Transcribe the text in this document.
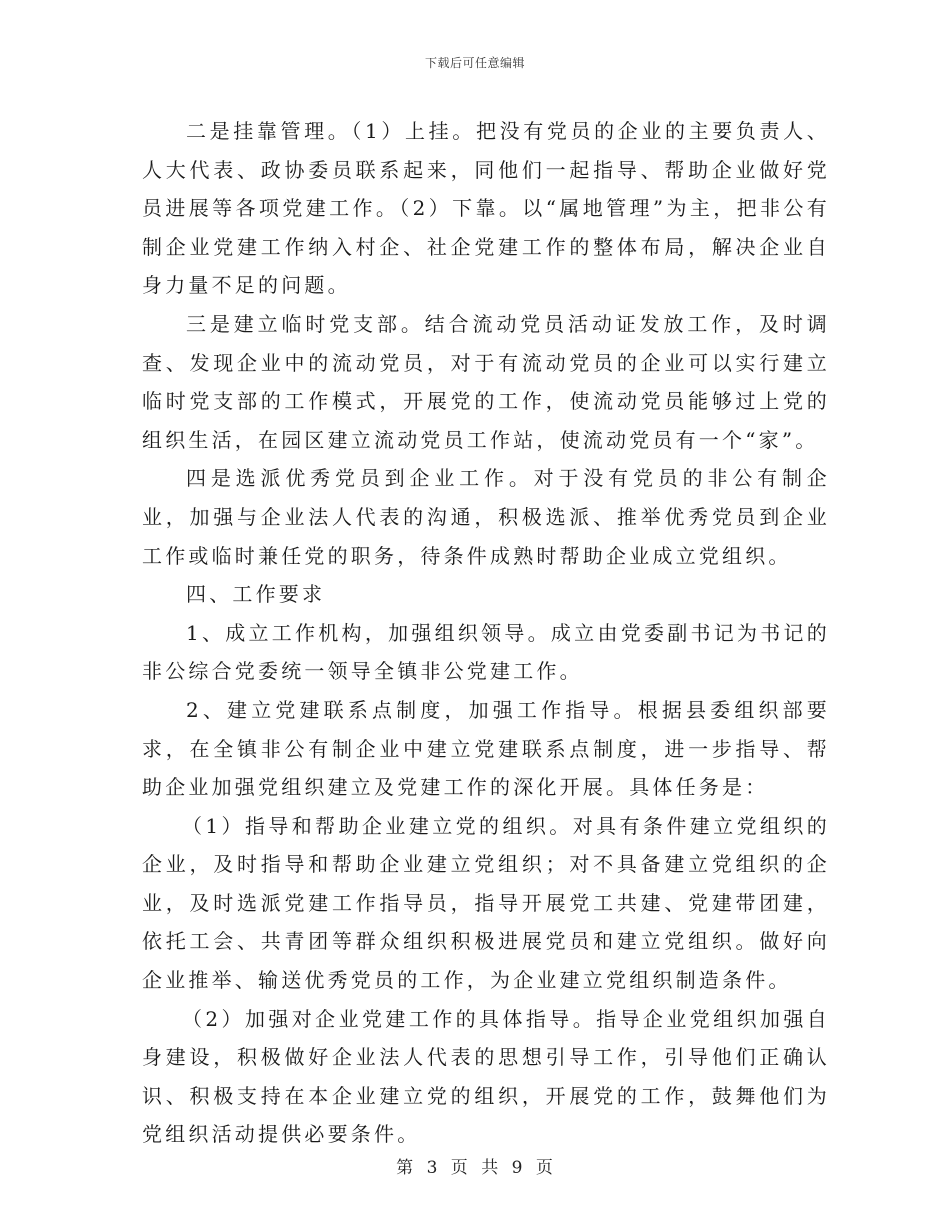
下载后可任意编辑

二是挂靠管理。（1）上挂。把没有党员的企业的主要负责人、人大代表、政协委员联系起来，同他们一起指导、帮助企业做好党员进展等各项党建工作。（2）下靠。以“属地管理”为主，把非公有制企业党建工作纳入村企、社企党建工作的整体布局，解决企业自身力量不足的问题。

三是建立临时党支部。结合流动党员活动证发放工作，及时调查、发现企业中的流动党员，对于有流动党员的企业可以实行建立临时党支部的工作模式，开展党的工作，使流动党员能够过上党的组织生活，在园区建立流动党员工作站，使流动党员有一个“家”。

四是选派优秀党员到企业工作。对于没有党员的非公有制企业，加强与企业法人代表的沟通，积极选派、推举优秀党员到企业工作或临时兼任党的职务，待条件成熟时帮助企业成立党组织。

四、工作要求

1、成立工作机构，加强组织领导。成立由党委副书记为书记的非公综合党委统一领导全镇非公党建工作。

2、建立党建联系点制度，加强工作指导。根据县委组织部要求，在全镇非公有制企业中建立党建联系点制度，进一步指导、帮助企业加强党组织建立及党建工作的深化开展。具体任务是：

（1）指导和帮助企业建立党的组织。对具有条件建立党组织的企业，及时指导和帮助企业建立党组织；对不具备建立党组织的企业，及时选派党建工作指导员，指导开展党工共建、党建带团建，依托工会、共青团等群众组织积极进展党员和建立党组织。做好向企业推举、输送优秀党员的工作，为企业建立党组织制造条件。

（2）加强对企业党建工作的具体指导。指导企业党组织加强自身建设，积极做好企业法人代表的思想引导工作，引导他们正确认识、积极支持在本企业建立党的组织，开展党的工作，鼓舞他们为党组织活动提供必要条件。

第 3 页 共 9 页
